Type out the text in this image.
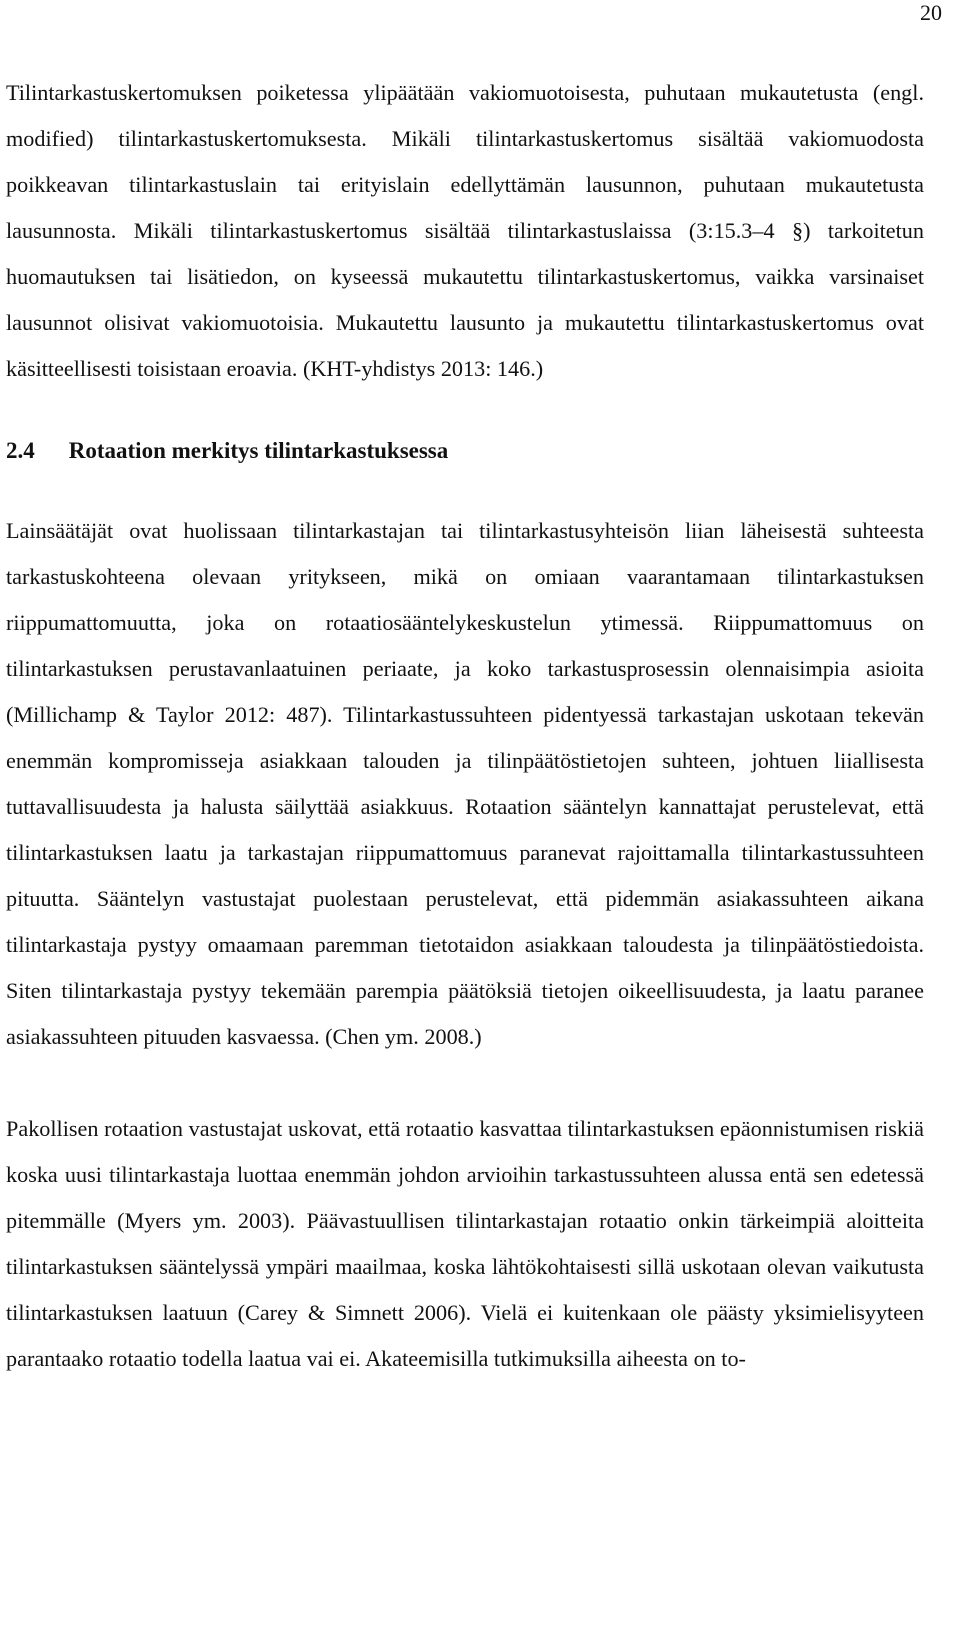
20

Tilintarkastuskertomuksen poiketessa ylipäätään vakiomuotoisesta, puhutaan mukautetusta (engl. modified) tilintarkastuskertomuksesta. Mikäli tilintarkastuskertomus sisältää vakiomuodosta poikkeavan tilintarkastuslain tai erityislain edellyttämän lausunnon, puhutaan mukautetusta lausunnosta. Mikäli tilintarkastuskertomus sisältää tilintarkastuslaissa (3:15.3–4 §) tarkoitetun huomautuksen tai lisätiedon, on kyseessä mukautettu tilintarkastuskertomus, vaikka varsinaiset lausunnot olisivat vakiomuotoisia. Mukautettu lausunto ja mukautettu tilintarkastuskertomus ovat käsitteellisesti toisistaan eroavia. (KHT-yhdistys 2013: 146.)

2.4 Rotaation merkitys tilintarkastuksessa

Lainsäätäjät ovat huolissaan tilintarkastajan tai tilintarkastusyhteisön liian läheisestä suhteesta tarkastuskohteena olevaan yritykseen, mikä on omiaan vaarantamaan tilintarkastuksen riippumattomuutta, joka on rotaatiosääntelykeskustelun ytimessä. Riippumattomuus on tilintarkastuksen perustavanlaatuinen periaate, ja koko tarkastusprosessin olennaisimpia asioita (Millichamp & Taylor 2012: 487). Tilintarkastussuhteen pidentyessä tarkastajan uskotaan tekevän enemmän kompromisseja asiakkaan talouden ja tilinpäätöstietojen suhteen, johtuen liiallisesta tuttavallisuudesta ja halusta säilyttää asiakkuus. Rotaation sääntelyn kannattajat perustelevat, että tilintarkastuksen laatu ja tarkastajan riippumattomuus paranevat rajoittamalla tilintarkastussuhteen pituutta. Sääntelyn vastustajat puolestaan perustelevat, että pidemmän asiakassuhteen aikana tilintarkastaja pystyy omaamaan paremman tietotaidon asiakkaan taloudesta ja tilinpäätöstiedoista. Siten tilintarkastaja pystyy tekemään parempia päätöksiä tietojen oikeellisuudesta, ja laatu paranee asiakassuhteen pituuden kasvaessa. (Chen ym. 2008.)

Pakollisen rotaation vastustajat uskovat, että rotaatio kasvattaa tilintarkastuksen epäonnistumisen riskiä koska uusi tilintarkastaja luottaa enemmän johdon arvioihin tarkastussuhteen alussa entä sen edetessä pitemmälle (Myers ym. 2003). Päävastuullisen tilintarkastajan rotaatio onkin tärkeimpiä aloitteita tilintarkastuksen sääntelyssä ympäri maailmaa, koska lähtökohtaisesti sillä uskotaan olevan vaikutusta tilintarkastuksen laatuun (Carey & Simnett 2006). Vielä ei kuitenkaan ole päästy yksimielisyyteen parantaako rotaatio todella laatua vai ei. Akateemisilla tutkimuksilla aiheesta on to-
